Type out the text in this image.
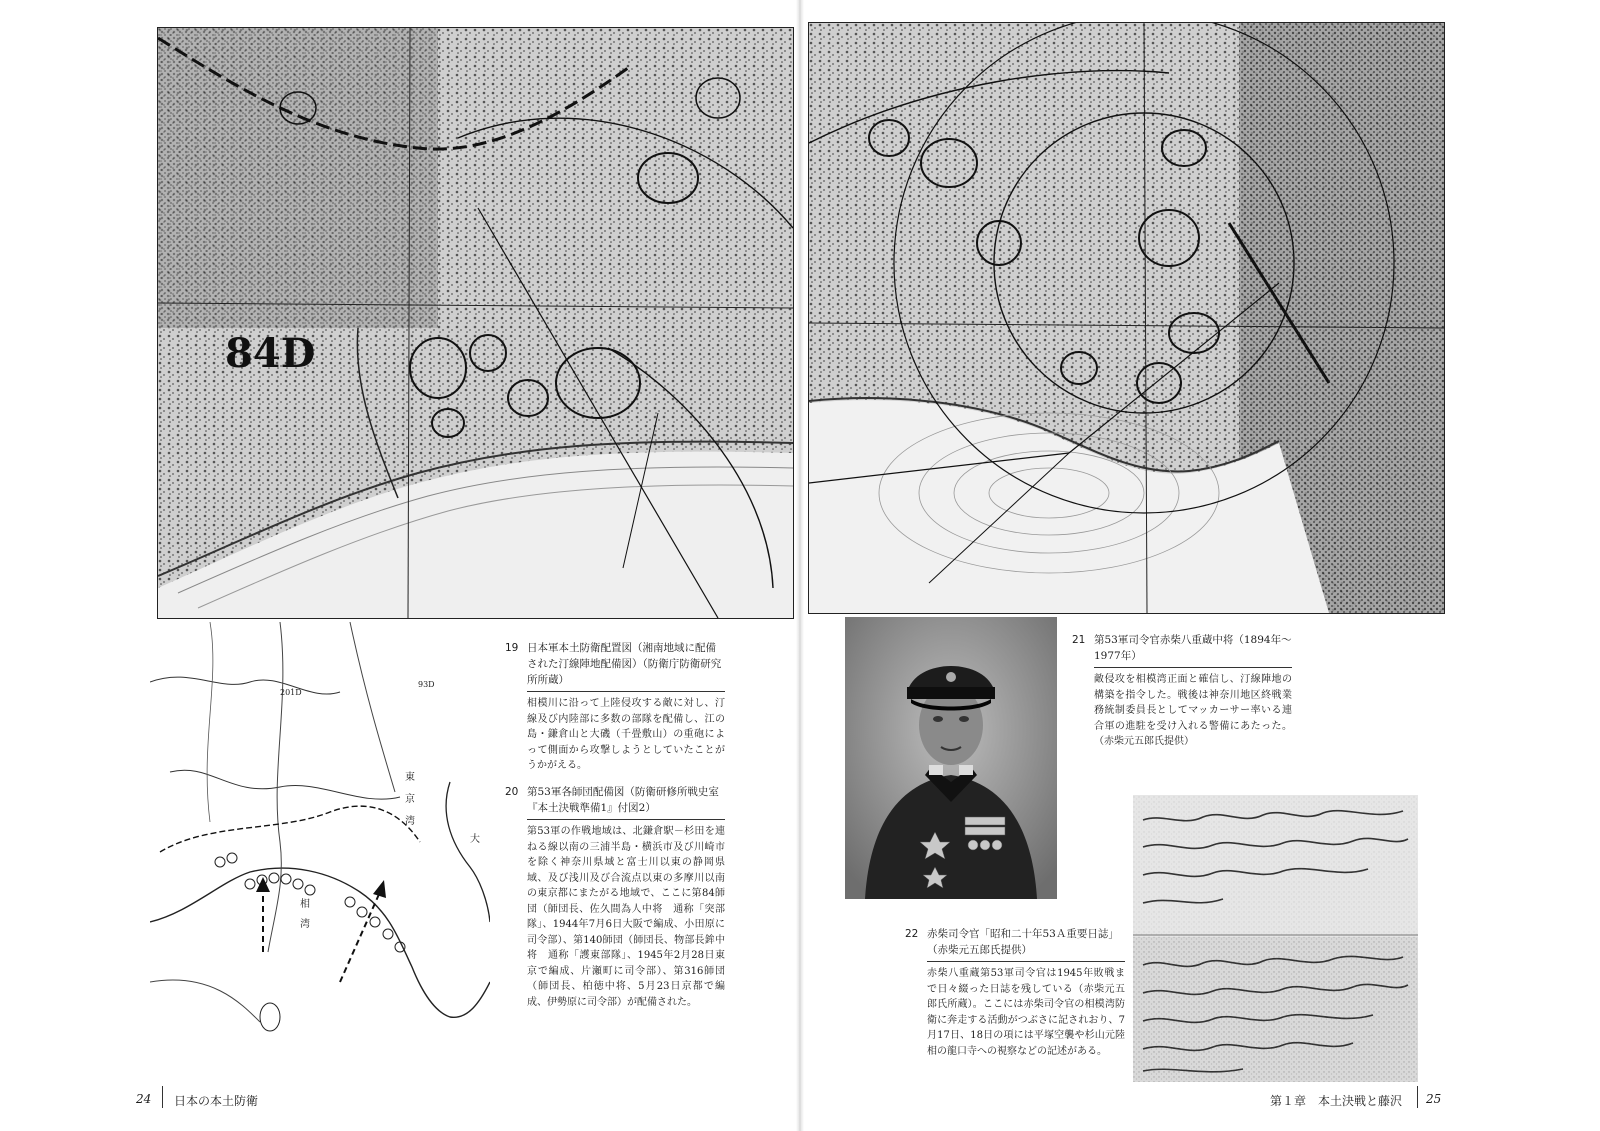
84D
201D
93D
東
京
湾
大
相
湾
19 日本軍本土防衛配置図（湘南地域に配備された汀線陣地配備図）（防衛庁防衛研究所所蔵）
相模川に沿って上陸侵攻する敵に対し、汀線及び内陸部に多数の部隊を配備し、江の島・鎌倉山と大磯（千畳敷山）の重砲によって側面から攻撃しようとしていたことがうかがえる。
20 第53軍各師団配備図（防衛研修所戦史室『本土決戦準備1』付図2）
第53軍の作戦地域は、北鎌倉駅－杉田を連ねる線以南の三浦半島・横浜市及び川崎市を除く神奈川県域と富士川以東の静岡県域、及び浅川及び合流点以東の多摩川以南の東京都にまたがる地域で、ここに第84師団（師団長、佐久間為人中将　通称「突部隊」、1944年7月6日大阪で編成、小田原に司令部）、第140師団（師団長、物部長鉾中将　通称「護東部隊」、1945年2月28日東京で編成、片瀬町に司令部）、第316師団（師団長、柏徳中将、5月23日京都で編成、伊勢原に司令部）が配備された。
24 日本の本土防衛
21 第53軍司令官赤柴八重蔵中将（1894年～1977年）
敵侵攻を相模湾正面と確信し、汀線陣地の構築を指令した。戦後は神奈川地区終戦業務統制委員長としてマッカーサー率いる連合軍の進駐を受け入れる警備にあたった。（赤柴元五郎氏提供）
22 赤柴司令官「昭和二十年53Ａ重要日誌」（赤柴元五郎氏提供）
赤柴八重蔵第53軍司令官は1945年敗戦まで日々綴った日誌を残している（赤柴元五郎氏所蔵）。ここには赤柴司令官の相模湾防衛に奔走する活動がつぶさに記されおり、7月17日、18日の項には平塚空襲や杉山元陸相の龍口寺への視察などの記述がある。
第１章　本土決戦と藤沢 25
